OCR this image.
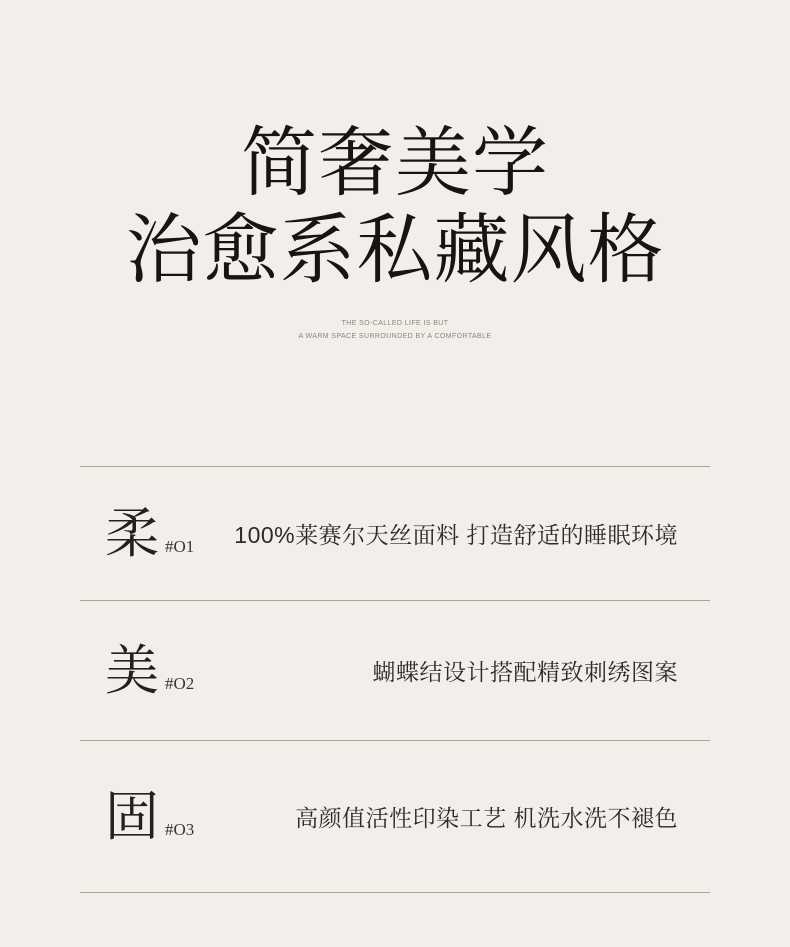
简奢美学
治愈系私藏风格
THE SO-CALLED LIFE IS BUT
A WARM SPACE SURROUNDED BY A COMFORTABLE
柔 #O1 100%莱赛尔天丝面料 打造舒适的睡眠环境
美 #O2	蝴蝶结设计搭配精致刺绣图案
固 #O3	高颜值活性印染工艺 机洗水洗不褪色
